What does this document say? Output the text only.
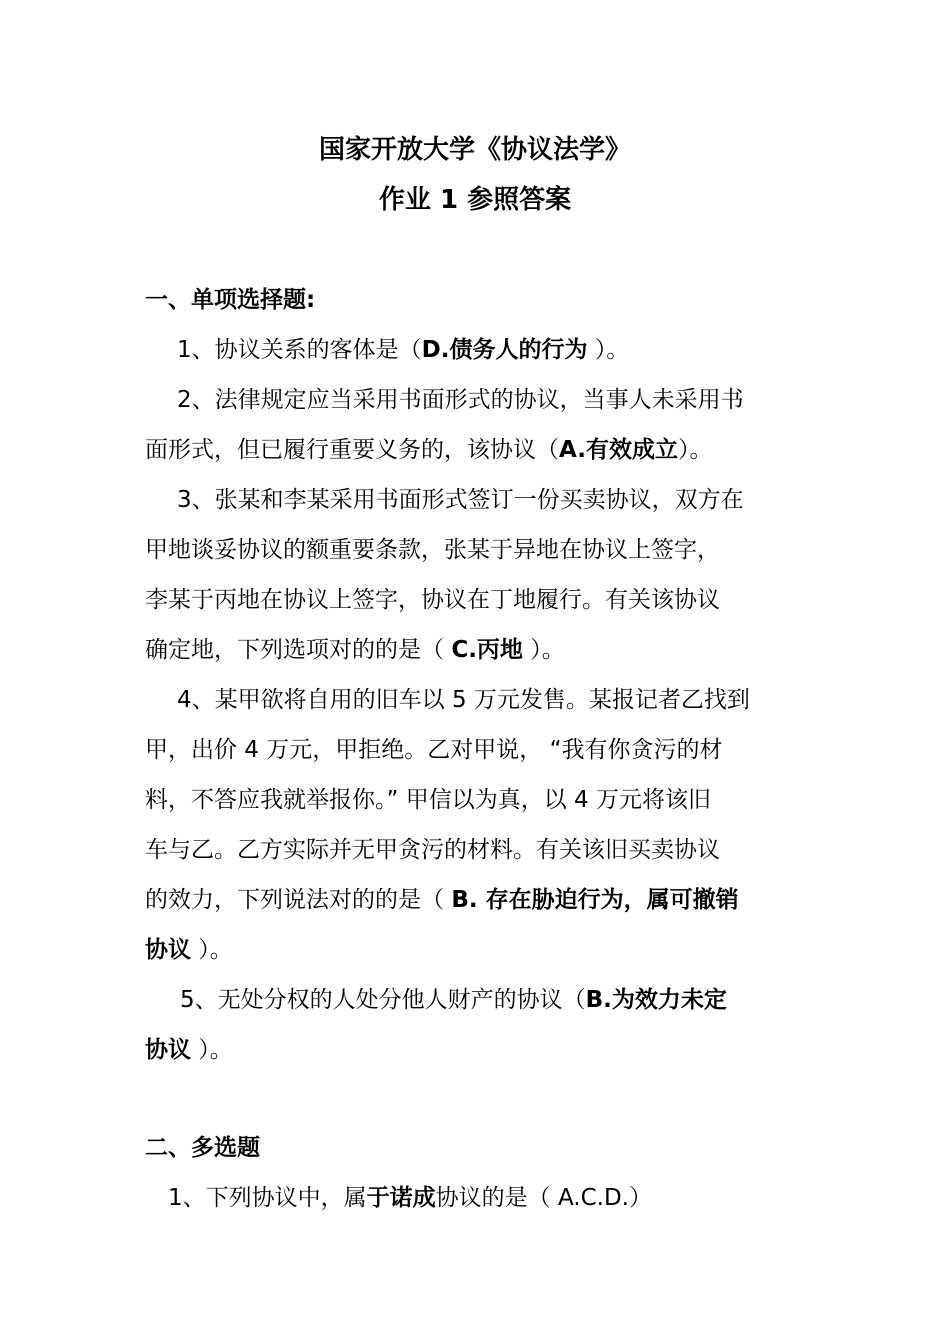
国家开放大学《协议法学》
作业 1 参照答案
一、单项选择题:
1、协议关系的客体是（D.债务人的行为 ）。
2、法律规定应当采用书面形式的协议，当事人未采用书
面形式，但已履行重要义务的，该协议（A.有效成立）。
3、张某和李某采用书面形式签订一份买卖协议，双方在
甲地谈妥协议的额重要条款，张某于异地在协议上签字，
李某于丙地在协议上签字，协议在丁地履行。有关该协议
确定地，下列选项对的的是（ C.丙地 ）。
4、某甲欲将自用的旧车以 5 万元发售。某报记者乙找到
甲，出价 4 万元，甲拒绝。乙对甲说， “我有你贪污的材
料，不答应我就举报你。” 甲信以为真，以 4 万元将该旧
车与乙。乙方实际并无甲贪污的材料。有关该旧买卖协议
的效力，下列说法对的的是（ B. 存在胁迫行为，属可撤销
协议 ）。
5、无处分权的人处分他人财产的协议（B.为效力未定
协议 ）。
二、多选题
1、下列协议中，属于诺成协议的是（ A.C.D.）
